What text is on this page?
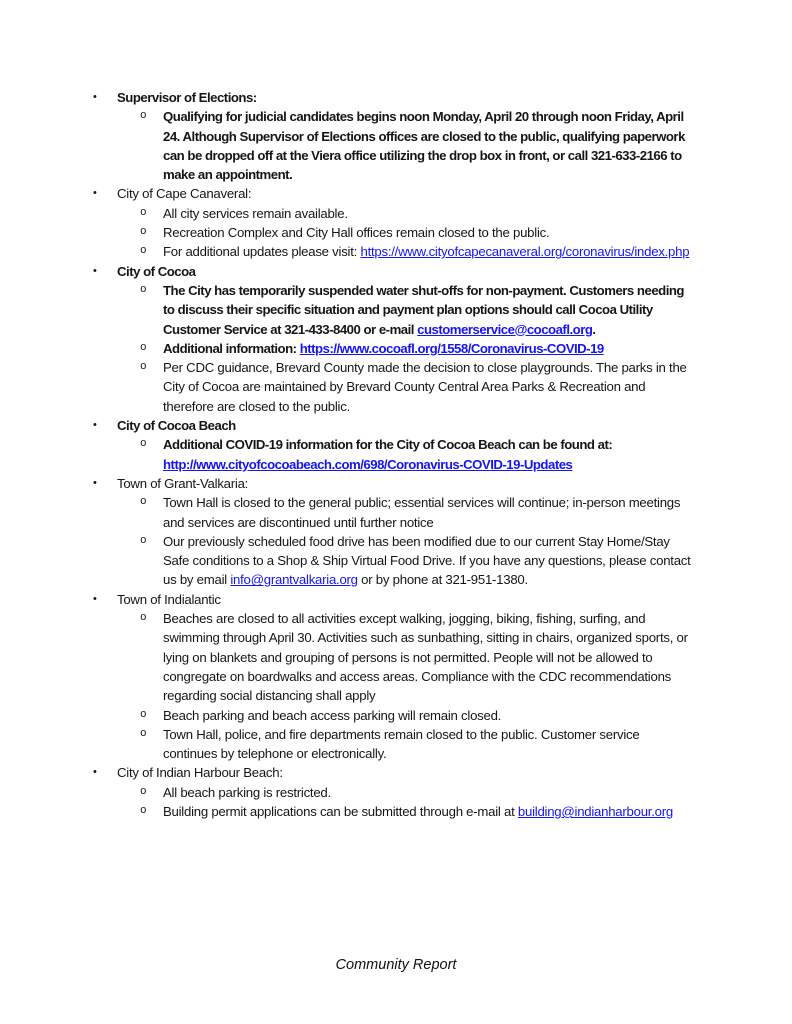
•	Supervisor of Elections:
o	Qualifying for judicial candidates begins noon Monday, April 20 through noon Friday, April 24. Although Supervisor of Elections offices are closed to the public, qualifying paperwork can be dropped off at the Viera office utilizing the drop box in front, or call 321-633-2166 to make an appointment.
•	City of Cape Canaveral:
o	All city services remain available.
o	Recreation Complex and City Hall offices remain closed to the public.
o	For additional updates please visit: https://www.cityofcapecanaveral.org/coronavirus/index.php
•	City of Cocoa
o	The City has temporarily suspended water shut-offs for non-payment. Customers needing to discuss their specific situation and payment plan options should call Cocoa Utility Customer Service at 321-433-8400 or e-mail customerservice@cocoafl.org.
o	Additional information: https://www.cocoafl.org/1558/Coronavirus-COVID-19
o	Per CDC guidance, Brevard County made the decision to close playgrounds. The parks in the City of Cocoa are maintained by Brevard County Central Area Parks & Recreation and therefore are closed to the public.
•	City of Cocoa Beach
o	Additional COVID-19 information for the City of Cocoa Beach can be found at: http://www.cityofcocoabeach.com/698/Coronavirus-COVID-19-Updates
•	Town of Grant-Valkaria:
o	Town Hall is closed to the general public; essential services will continue; in-person meetings and services are discontinued until further notice
o	Our previously scheduled food drive has been modified due to our current Stay Home/Stay Safe conditions to a Shop & Ship Virtual Food Drive. If you have any questions, please contact us by email info@grantvalkaria.org or by phone at 321-951-1380.
•	Town of Indialantic
o	Beaches are closed to all activities except walking, jogging, biking, fishing, surfing, and swimming through April 30. Activities such as sunbathing, sitting in chairs, organized sports, or lying on blankets and grouping of persons is not permitted. People will not be allowed to congregate on boardwalks and access areas. Compliance with the CDC recommendations regarding social distancing shall apply
o	Beach parking and beach access parking will remain closed.
o	Town Hall, police, and fire departments remain closed to the public. Customer service continues by telephone or electronically.
•	City of Indian Harbour Beach:
o	All beach parking is restricted.
o	Building permit applications can be submitted through e-mail at building@indianharbour.org
Community Report
